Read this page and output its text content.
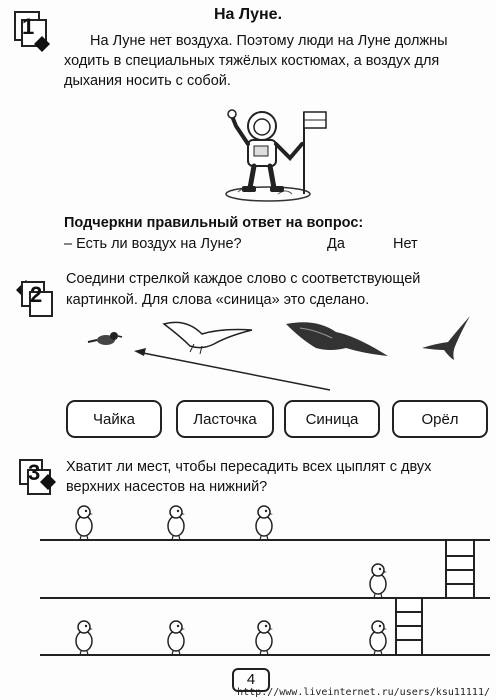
На Луне.
1
На Луне нет воздуха. Поэтому люди на Луне должны
ходить в специальных тяжёлых костюмах, а воздух для
дыхания носить с собой.
Подчеркни правильный ответ на вопрос:
– Есть ли воздух на Луне?	Да	Нет
2
Соедини стрелкой каждое слово с соответствующей
картинкой. Для слова «синица» это сделано.
Чайка	Ласточка	Синица	Орёл
3 Хватит ли мест, чтобы пересадить всех цыплят с двух
верхних насестов на нижний?
4
http://www.liveinternet.ru/users/ksu11111/
